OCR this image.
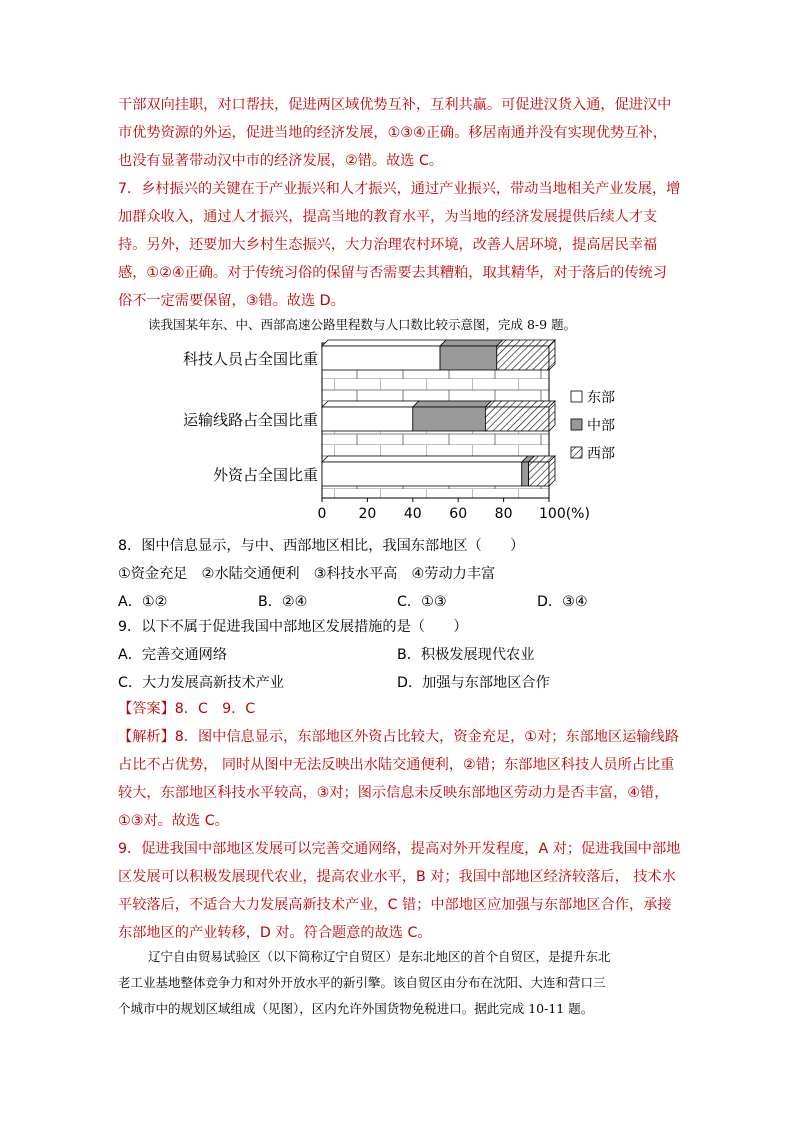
干部双向挂职，对口帮扶，促进两区域优势互补，互利共赢。可促进汉货入通，促进汉中
市优势资源的外运，促进当地的经济发展，①③④正确。移居南通并没有实现优势互补，
也没有显著带动汉中市的经济发展，②错。故选 C。
7．乡村振兴的关键在于产业振兴和人才振兴，通过产业振兴，带动当地相关产业发展，增
加群众收入，通过人才振兴，提高当地的教育水平，为当地的经济发展提供后续人才支
持。另外，还要加大乡村生态振兴，大力治理农村环境，改善人居环境，提高居民幸福
感，①②④正确。对于传统习俗的保留与否需要去其糟粕，取其精华，对于落后的传统习
俗不一定需要保留，③错。故选 D。
读我国某年东、中、西部高速公路里程数与人口数比较示意图，完成 8-9 题。
科技人员占全国比重
运输线路占全国比重
外资占全国比重
0 20 40 60 80 100(%)
东部
中部
西部
8．图中信息显示，与中、西部地区相比，我国东部地区（　　）
①资金充足　②水陆交通便利　③科技水平高　④劳动力丰富
A．①②	B．②④	C．①③	D．③④
9．以下不属于促进我国中部地区发展措施的是（　　）
A．完善交通网络	B．积极发展现代农业
C．大力发展高新技术产业	D．加强与东部地区合作
【答案】8．C　9．C
【解析】8．图中信息显示，东部地区外资占比较大，资金充足，①对；东部地区运输线路
占比不占优势， 同时从图中无法反映出水陆交通便利，②错；东部地区科技人员所占比重
较大，东部地区科技水平较高，③对；图示信息未反映东部地区劳动力是否丰富，④错，
①③对。故选 C。
9．促进我国中部地区发展可以完善交通网络，提高对外开发程度，A 对；促进我国中部地
区发展可以积极发展现代农业，提高农业水平，B 对；我国中部地区经济较落后， 技术水
平较落后，不适合大力发展高新技术产业，C 错；中部地区应加强与东部地区合作，承接
东部地区的产业转移，D 对。符合题意的故选 C。
辽宁自由贸易试验区（以下简称辽宁自贸区）是东北地区的首个自贸区，是提升东北
老工业基地整体竞争力和对外开放水平的新引擎。该自贸区由分布在沈阳、大连和营口三
个城市中的规划区域组成（见图），区内允许外国货物免税进口。据此完成 10-11 题。
